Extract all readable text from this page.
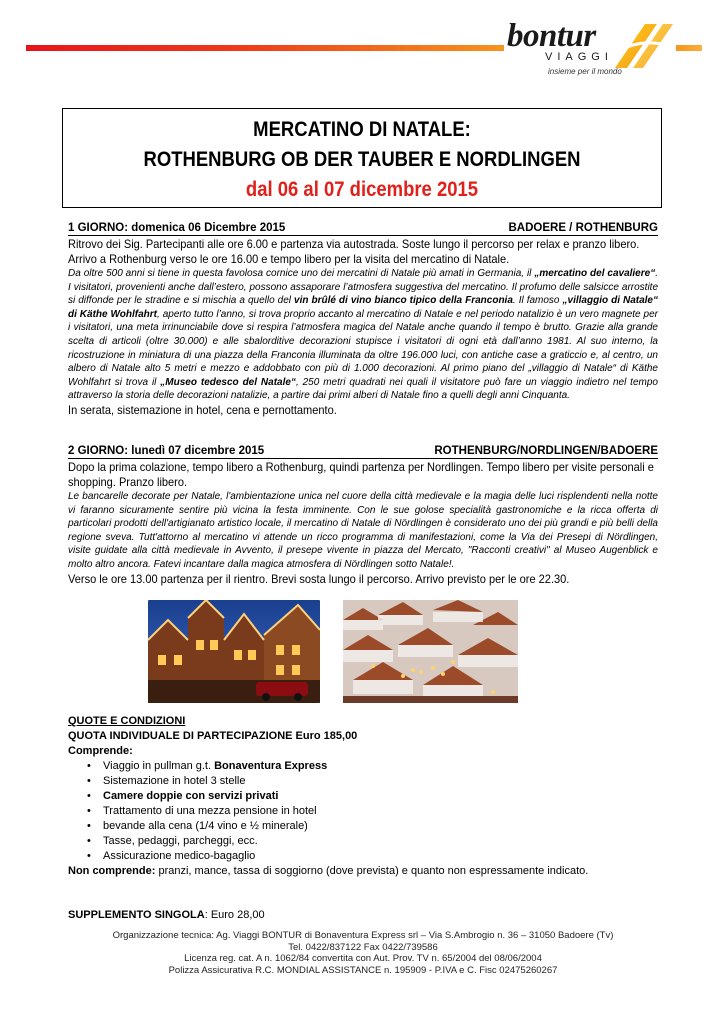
bontur
VIAGGI
insieme per il mondo
MERCATINO DI NATALE:
ROTHENBURG OB DER TAUBER E NORDLINGEN
dal 06 al 07 dicembre 2015
1 GIORNO: domenica 06 Dicembre 2015	BADOERE / ROTHENBURG
Ritrovo dei Sig. Partecipanti alle ore 6.00 e partenza via autostrada. Soste lungo il percorso per relax e pranzo libero.
Arrivo a Rothenburg verso le ore 16.00 e tempo libero per la visita del mercatino di Natale.
Da oltre 500 anni si tiene in questa favolosa cornice uno dei mercatini di Natale più amati in Germania, il „mercatino del cavaliere“. I visitatori, provenienti anche dall’estero, possono assaporare l’atmosfera suggestiva del mercatino. Il profumo delle salsicce arrostite si diffonde per le stradine e si mischia a quello del vin brûlé di vino bianco tipico della Franconia. Il famoso „villaggio di Natale“ di Käthe Wohlfahrt, aperto tutto l’anno, si trova proprio accanto al mercatino di Natale e nel periodo natalizio è un vero magnete per i visitatori, una meta irrinunciabile dove si respira l’atmosfera magica del Natale anche quando il tempo è brutto. Grazie alla grande scelta di articoli (oltre 30.000) e alle sbalorditive decorazioni stupisce i visitatori di ogni età dall’anno 1981. Al suo interno, la ricostruzione in miniatura di una piazza della Franconia illuminata da oltre 196.000 luci, con antiche case a graticcio e, al centro, un albero di Natale alto 5 metri e mezzo e addobbato con più di 1.000 decorazioni. Al primo piano del „villaggio di Natale“ di Käthe Wohlfahrt si trova il „Museo tedesco del Natale“, 250 metri quadrati nei quali il visitatore può fare un viaggio indietro nel tempo attraverso la storia delle decorazioni natalizie, a partire dai primi alberi di Natale fino a quelli degli anni Cinquanta.
In serata, sistemazione in hotel, cena e pernottamento.
2 GIORNO: lunedì 07 dicembre 2015	ROTHENBURG/NORDLINGEN/BADOERE
Dopo la prima colazione, tempo libero a Rothenburg, quindi partenza per Nordlingen. Tempo libero per visite personali e shopping. Pranzo libero.
Le bancarelle decorate per Natale, l'ambientazione unica nel cuore della città medievale e la magia delle luci risplendenti nella notte vi faranno sicuramente sentire più vicina la festa imminente. Con le sue golose specialità gastronomiche e la ricca offerta di particolari prodotti dell'artigianato artistico locale, il mercatino di Natale di Nördlingen è considerato uno dei più grandi e più belli della regione sveva. Tutt'attorno al mercatino vi attende un ricco programma di manifestazioni, come la Via dei Presepi di Nördlingen, visite guidate alla città medievale in Avvento, il presepe vivente in piazza del Mercato, "Racconti creativi" al Museo Augenblick e molto altro ancora. Fatevi incantare dalla magica atmosfera di Nördlingen sotto Natale!.
Verso le ore 13.00 partenza per il rientro. Brevi sosta lungo il percorso. Arrivo previsto per le ore 22.30.
QUOTE E CONDIZIONI
QUOTA INDIVIDUALE DI PARTECIPAZIONE Euro 185,00
Comprende:
• Viaggio in pullman g.t. Bonaventura Express
• Sistemazione in hotel 3 stelle
• Camere doppie con servizi privati
• Trattamento di una mezza pensione in hotel
• bevande alla cena (1/4 vino e ½ minerale)
• Tasse, pedaggi, parcheggi, ecc.
• Assicurazione medico-bagaglio
Non comprende: pranzi, mance, tassa di soggiorno (dove prevista) e quanto non espressamente indicato.
SUPPLEMENTO SINGOLA: Euro 28,00
Organizzazione tecnica: Ag. Viaggi BONTUR di Bonaventura Express srl – Via S.Ambrogio n. 36 – 31050 Badoere (Tv)
Tel. 0422/837122 Fax 0422/739586
Licenza reg. cat. A n. 1062/84 convertita con Aut. Prov. TV n. 65/2004 del 08/06/2004
Polizza Assicurativa R.C. MONDIAL ASSISTANCE n. 195909 - P.IVA e C. Fisc 02475260267
